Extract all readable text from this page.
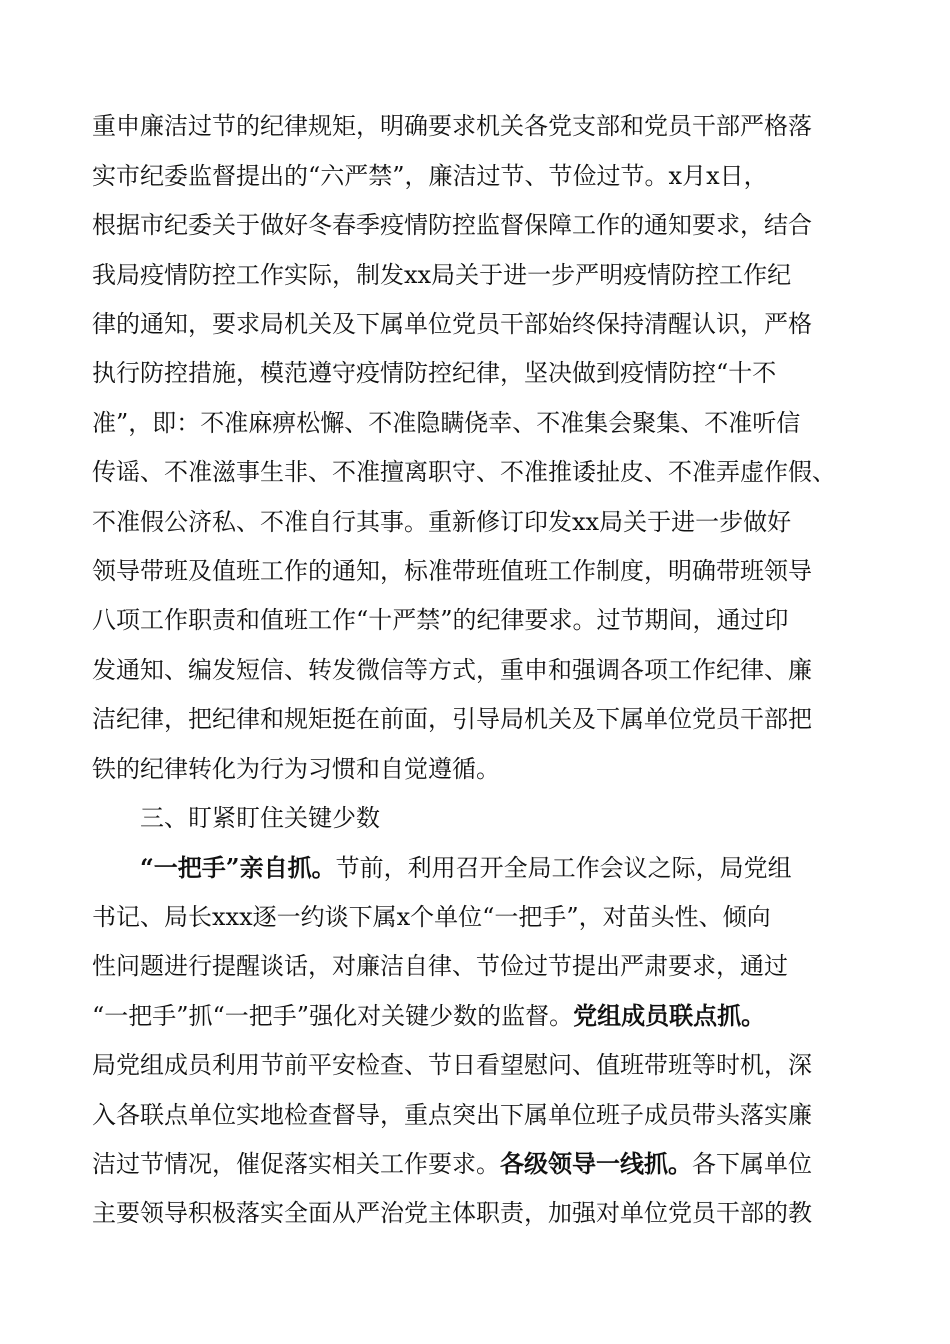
重申廉洁过节的纪律规矩，明确要求机关各党支部和党员干部严格落
实市纪委监督提出的“六严禁”，廉洁过节、节俭过节。x月x日，
根据市纪委关于做好冬春季疫情防控监督保障工作的通知要求，结合
我局疫情防控工作实际，制发xx局关于进一步严明疫情防控工作纪
律的通知，要求局机关及下属单位党员干部始终保持清醒认识，严格
执行防控措施，模范遵守疫情防控纪律，坚决做到疫情防控“十不
准”，即：不准麻痹松懈、不准隐瞒侥幸、不准集会聚集、不准听信
传谣、不准滋事生非、不准擅离职守、不准推诿扯皮、不准弄虚作假、
不准假公济私、不准自行其事。重新修订印发xx局关于进一步做好
领导带班及值班工作的通知，标准带班值班工作制度，明确带班领导
八项工作职责和值班工作“十严禁”的纪律要求。过节期间，通过印
发通知、编发短信、转发微信等方式，重申和强调各项工作纪律、廉
洁纪律，把纪律和规矩挺在前面，引导局机关及下属单位党员干部把
铁的纪律转化为行为习惯和自觉遵循。
三、盯紧盯住关键少数
“一把手”亲自抓。节前，利用召开全局工作会议之际，局党组
书记、局长xxx逐一约谈下属x个单位“一把手”，对苗头性、倾向
性问题进行提醒谈话，对廉洁自律、节俭过节提出严肃要求，通过
“一把手”抓“一把手”强化对关键少数的监督。党组成员联点抓。
局党组成员利用节前平安检查、节日看望慰问、值班带班等时机，深
入各联点单位实地检查督导，重点突出下属单位班子成员带头落实廉
洁过节情况，催促落实相关工作要求。各级领导一线抓。各下属单位
主要领导积极落实全面从严治党主体职责，加强对单位党员干部的教
